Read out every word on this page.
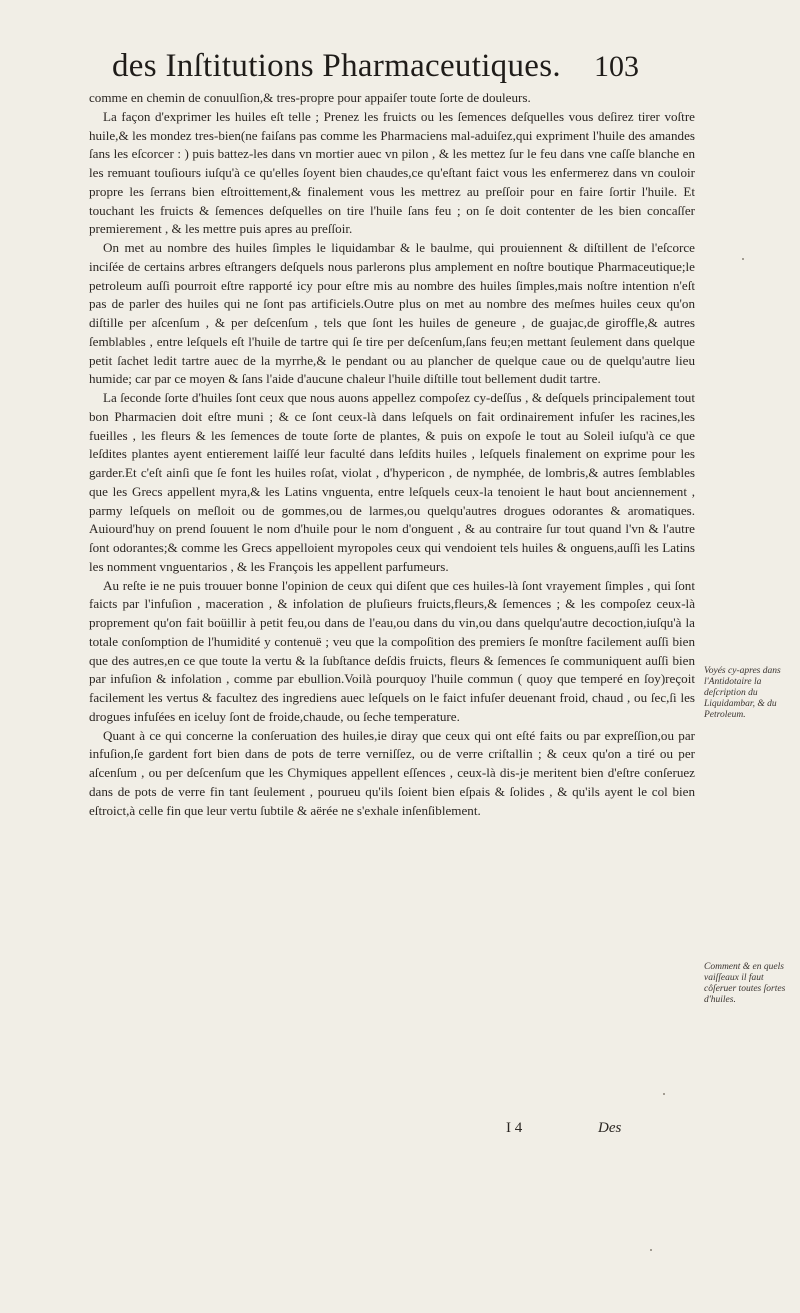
des Inſtitutions Pharmaceutiques.	103

comme en chemin de conuulſion,& tres-propre pour appaiſer toute ſorte de douleurs.

La façon d'exprimer les huiles eſt telle ; Prenez les fruicts ou les ſemences deſquelles vous deſirez tirer voſtre huile,& les mondez tres-bien(ne faiſans pas comme les Pharmaciens mal-aduiſez,qui expriment l'huile des amandes ſans les eſcorcer : ) puis battez-les dans vn mortier auec vn pilon , & les mettez ſur le feu dans vne caſſe blanche en les remuant touſiours iuſqu'à ce qu'elles ſoyent bien chaudes,ce qu'eſtant faict vous les enfermerez dans vn couloir propre les ſerrans bien eſtroittement,& finalement vous les mettrez au preſſoir pour en faire ſortir l'huile. Et touchant les fruicts & ſemences deſquelles on tire l'huile ſans feu ; on ſe doit contenter de les bien concaſſer premierement , & les mettre puis apres au preſſoir.

On met au nombre des huiles ſimples le liquidambar & le baulme, qui prouiennent & diſtillent de l'eſcorce inciſée de certains arbres eſtrangers deſquels nous parlerons plus amplement en noſtre boutique Pharmaceutique;le petroleum auſſi pourroit eſtre rapporté icy pour eſtre mis au nombre des huiles ſimples,mais noſtre intention n'eſt pas de parler des huiles qui ne ſont pas artificiels.Outre plus on met au nombre des meſmes huiles ceux qu'on diſtille per aſcenſum , & per deſcenſum , tels que ſont les huiles de geneure , de guajac,de giroffle,& autres ſemblables , entre leſquels eſt l'huile de tartre qui ſe tire per deſcenſum,ſans feu;en mettant ſeulement dans quelque petit ſachet ledit tartre auec de la myrrhe,& le pendant ou au plancher de quelque caue ou de quelqu'autre lieu humide; car par ce moyen & ſans l'aide d'aucune chaleur l'huile diſtille tout bellement dudit tartre.

La ſeconde ſorte d'huiles ſont ceux que nous auons appellez compoſez cy-deſſus , & deſquels principalement tout bon Pharmacien doit eſtre muni ; & ce ſont ceux-là dans leſquels on fait ordinairement infuſer les racines,les fueilles , les fleurs & les ſemences de toute ſorte de plantes, & puis on expoſe le tout au Soleil iuſqu'à ce que leſdites plantes ayent entierement laiſſé leur faculté dans leſdits huiles , leſquels finalement on exprime pour les garder.Et c'eſt ainſi que ſe font les huiles roſat, violat , d'hypericon , de nymphée, de lombris,& autres ſemblables que les Grecs appellent myra,& les Latins vnguenta, entre leſquels ceux-la tenoient le haut bout anciennement , parmy leſquels on meſloit ou de gommes,ou de larmes,ou quelqu'autres drogues odorantes & aromatiques. Auiourd'huy on prend ſouuent le nom d'huile pour le nom d'onguent , & au contraire ſur tout quand l'vn & l'autre ſont odorantes;& comme les Grecs appelloient myropoles ceux qui vendoient tels huiles & onguens,auſſi les Latins les nomment vnguentarios , & les François les appellent parfumeurs.

Au reſte ie ne puis trouuer bonne l'opinion de ceux qui diſent que ces huiles-là ſont vrayement ſimples , qui ſont faicts par l'infuſion , maceration , & infolation de pluſieurs fruicts,fleurs,& ſemences ; & les compoſez ceux-là proprement qu'on fait boüillir à petit feu,ou dans de l'eau,ou dans du vin,ou dans quelqu'autre decoction,iuſqu'à la totale conſomption de l'humidité y contenuë ; veu que la compoſition des premiers ſe monſtre facilement auſſi bien que des autres,en ce que toute la vertu & la ſubſtance deſdis fruicts, fleurs & ſemences ſe communiquent auſſi bien par infuſion & infolation , comme par ebullion.Voilà pourquoy l'huile commun ( quoy que temperé en ſoy)reçoit facilement les vertus & facultez des ingrediens auec leſquels on le faict infuſer deuenant froid, chaud , ou ſec,ſi les drogues infuſées en iceluy ſont de froide,chaude, ou ſeche temperature.

Quant à ce qui concerne la conſeruation des huiles,ie diray que ceux qui ont eſté faits ou par expreſſion,ou par infuſion,ſe gardent fort bien dans de pots de terre verniſſez, ou de verre criſtallin ; & ceux qu'on a tiré ou per aſcenſum , ou per deſcenſum que les Chymiques appellent eſſences , ceux-là dis-je meritent bien d'eſtre conſeruez dans de pots de verre fin tant ſeulement , pourueu qu'ils ſoient bien eſpais & ſolides , & qu'ils ayent le col bien eſtroict,à celle fin que leur vertu ſubtile & aërée ne s'exhale inſenſiblement.

Voyés cy-apres dans l'Antidotaire la deſcription du Liquidambar, & du Petroleum.
Comment & en quels vaiſſeaux il faut côſeruer toutes ſortes d'huiles.
I 4	Des
